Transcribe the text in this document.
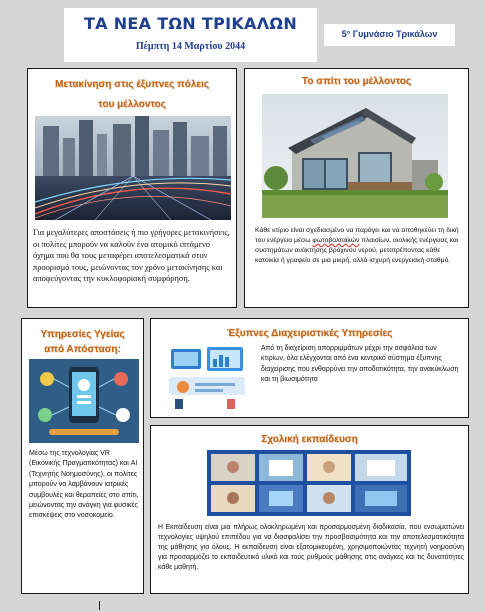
ΤΑ ΝΕΑ ΤΩΝ ΤΡΙΚΑΛΩΝ
Πέμπτη 14 Μαρτίου 2044
5° Γυμνάσιο Τρικάλων
Μετακίνηση στις έξυπνες πόλεις
του μέλλοντος
Για μεγαλύτερες αποστάσεις ή πιο γρήγορες μετακινήσεις, οι πολίτες μπορούν να καλούν ένα ατομικό ιπτάμενο όχημα που θα τους μεταφέρει αποτελεσματικά στον προορισμό τους, μειώνοντας τον χρόνο μετακίνησης και αποφεύγοντας την κυκλοφοριακή συμφόρηση.
Το σπίτι του μέλλοντος
Κάθε κτίριο είναι σχεδιασμένο να παράγει και να αποθηκεύει τη δική του ενέργεια μέσω φωτοβολταϊκών πλαισίων, αιολικής ενέργειας και συστημάτων ανάκτησης βρόχινου νερού, μετατρέποντας κάθε κατοικία ή γραφείο σε μια μικρή, αλλά ισχυρή ενεργειακή σταθμό.
Υπηρεσίες Υγείας
από Απόσταση:
Μέσω της τεχνολογίας VR (Εικονικής Πραγματικότητας) και AI (Τεχνητής Νοημοσύνης), οι πολίτες μπορούν να λαμβάνουν ιατρικές συμβουλές και θεραπείες στο σπίτι, μειώνοντας την ανάγκη για φυσικές επισκέψεις στο νοσοκομείο.
Έξυπνες Διαχειριστικές Υπηρεσίες
Από τη διαχείριση απορριμμάτων μέχρι την ασφάλεια των κτιρίων, όλα ελέγχονται από ένα κεντρικό σύστημα έξυπνης διαχείρισης που ενθαρρύνει την αποδοτικότητα, την ανακύκλωση και τη βιωσιμότητα
Σχολική εκπαίδευση
Η Εκπαίδευση είναι μια πλήρως ολοκληρωμένη και προσαρμοσμένη διαδικασία, που ενσωματώνει τεχνολογίες υψηλού επιπέδου για να διασφαλίσει την προσβασιμότητα και την αποτελεσματικότητα της μάθησης για όλους. Η εκπαίδευση είναι εξατομικευμένη, χρησιμοποιώντας τεχνητή νοημοσύνη για προσαρμόζει το εκπαιδευτικό υλικό και τους ρυθμούς μάθησης στις ανάγκες και τις δυνατότητες κάθε μαθητή.
